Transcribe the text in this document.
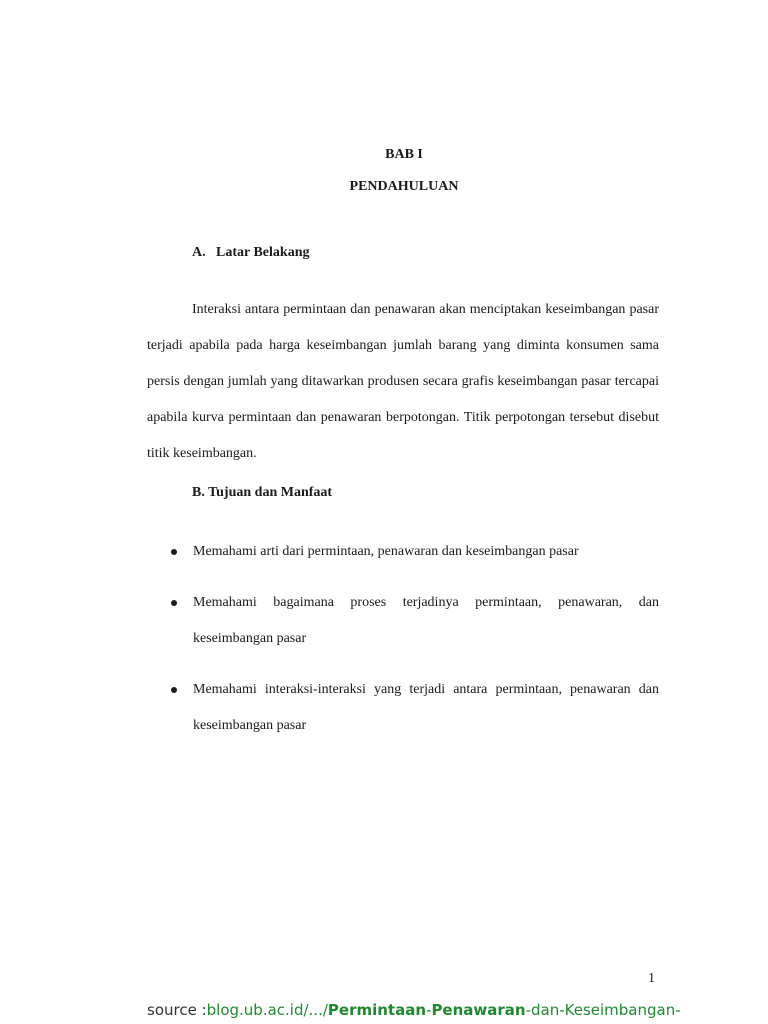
BAB I
PENDAHULUAN
A. Latar Belakang

Interaksi antara permintaan dan penawaran akan menciptakan keseimbangan pasar terjadi apabila pada harga keseimbangan jumlah barang yang diminta konsumen sama persis dengan jumlah yang ditawarkan produsen secara grafis keseimbangan pasar tercapai apabila kurva permintaan dan penawaran berpotongan. Titik perpotongan tersebut disebut titik keseimbangan.

B. Tujuan dan Manfaat
Memahami arti dari permintaan, penawaran dan keseimbangan pasar
Memahami bagaimana proses terjadinya permintaan, penawaran, dan keseimbangan pasar
Memahami interaksi-interaksi yang terjadi antara permintaan, penawaran dan keseimbangan pasar
1
source :blog.ub.ac.id/.../Permintaan-Penawaran-dan-Keseimbangan-
